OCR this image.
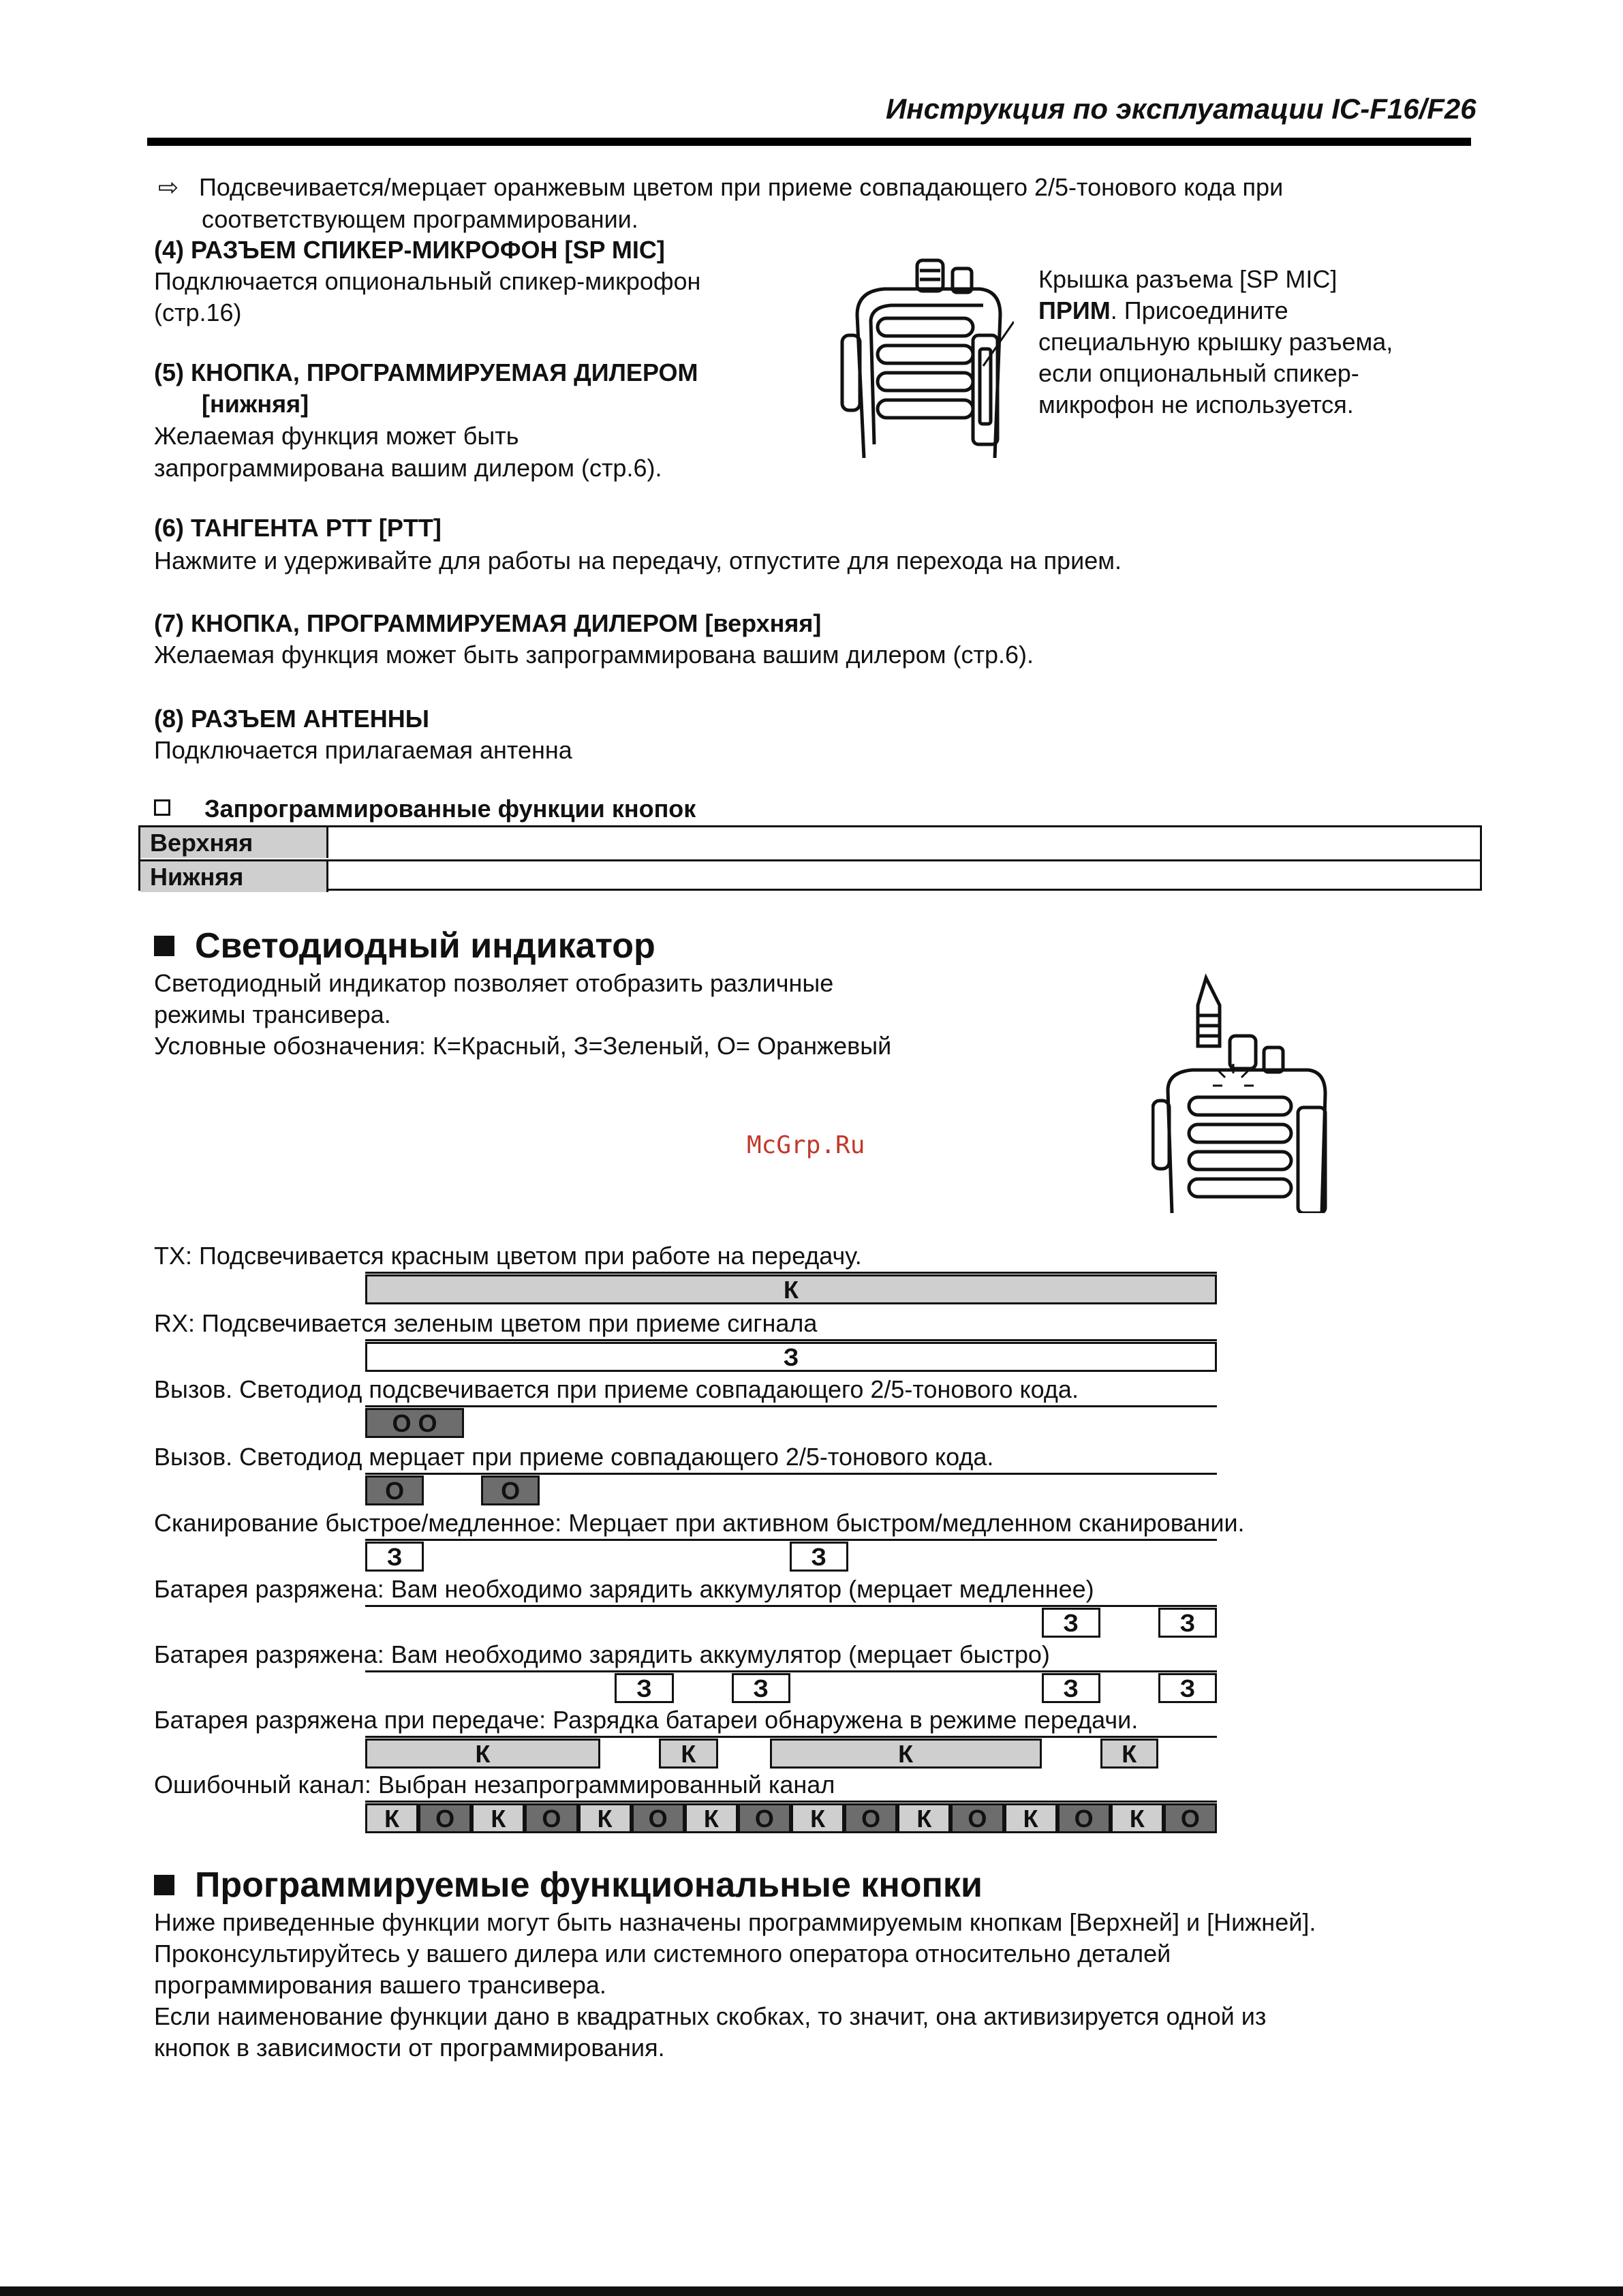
Инструкция по эксплуатации IC-F16/F26
⇨ Подсвечивается/мерцает оранжевым цветом при приеме совпадающего 2/5-тонового кода при
соответствующем программировании.
(4) РАЗЪЕМ СПИКЕР-МИКРОФОН [SP MIC]
Подключается опциональный спикер-микрофон
(стр.16)
Крышка разъема [SP MIC]
ПРИМ. Присоедините
специальную крышку разъема,
если опциональный спикер-
микрофон не используется.
(5) КНОПКА, ПРОГРАММИРУЕМАЯ ДИЛЕРОМ
[нижняя]
Желаемая функция может быть
запрограммирована вашим дилером (стр.6).
(6) ТАНГЕНТА PTT [PTT]
Нажмите и удерживайте для работы на передачу, отпустите для перехода на прием.
(7) КНОПКА, ПРОГРАММИРУЕМАЯ ДИЛЕРОМ [верхняя]
Желаемая функция может быть запрограммирована вашим дилером (стр.6).
(8) РАЗЪЕМ АНТЕННЫ
Подключается прилагаемая антенна
Запрограммированные функции кнопок
Верхняя
Нижняя
Светодиодный индикатор
Светодиодный индикатор позволяет отобразить различные
режимы трансивера.
Условные обозначения: К=Красный, З=Зеленый, О= Оранжевый
McGrp.Ru
TX: Подсвечивается красным цветом при работе на передачу.
К
RX: Подсвечивается зеленым цветом при приеме сигнала
З
Вызов. Светодиод подсвечивается при приеме совпадающего 2/5-тонового кода.
О О
Вызов. Светодиод мерцает при приеме совпадающего 2/5-тонового кода.
О	О
Сканирование быстрое/медленное: Мерцает при активном быстром/медленном сканировании.
З	З
Батарея разряжена: Вам необходимо зарядить аккумулятор (мерцает медленнее)
З	З
Батарея разряжена: Вам необходимо зарядить аккумулятор (мерцает быстро)
З	З	З	З
Батарея разряжена при передаче: Разрядка батареи обнаружена в режиме передачи.
К	К	К	К
Ошибочный канал: Выбран незапрограммированный канал
К	О	К	О	К	О	К	О	К	О	К	О	К	О	К	О
Программируемые функциональные кнопки
Ниже приведенные функции могут быть назначены программируемым кнопкам [Верхней] и [Нижней].
Проконсультируйтесь у вашего дилера или системного оператора относительно деталей
программирования вашего трансивера.
Если наименование функции дано в квадратных скобках, то значит, она активизируется одной из
кнопок в зависимости от программирования.
